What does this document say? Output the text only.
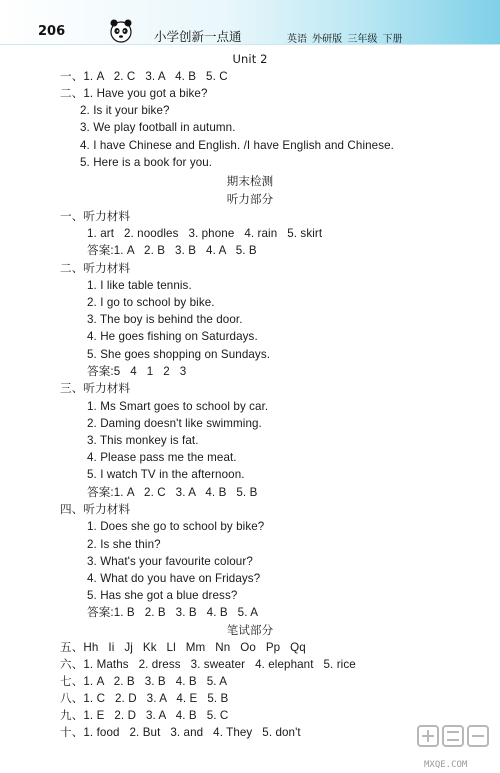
206	小学创新一点通	英语 外研版 三年级 下册
Unit 2
一、1. A   2. C   3. A   4. B   5. C
二、1. Have you got a bike?
2. Is it your bike?
3. We play football in autumn.
4. I have Chinese and English. /I have English and Chinese.
5. Here is a book for you.
期末检测
听力部分
一、听力材料
1. art   2. noodles   3. phone   4. rain   5. skirt
答案:1. A   2. B   3. B   4. A   5. B
二、听力材料
1. I like table tennis.
2. I go to school by bike.
3. The boy is behind the door.
4. He goes fishing on Saturdays.
5. She goes shopping on Sundays.
答案:5   4   1   2   3
三、听力材料
1. Ms Smart goes to school by car.
2. Daming doesn't like swimming.
3. This monkey is fat.
4. Please pass me the meat.
5. I watch TV in the afternoon.
答案:1. A   2. C   3. A   4. B   5. B
四、听力材料
1. Does she go to school by bike?
2. Is she thin?
3. What's your favourite colour?
4. What do you have on Fridays?
5. Has she got a blue dress?
答案:1. B   2. B   3. B   4. B   5. A
笔试部分
五、Hh   Ii   Jj   Kk   Ll   Mm   Nn   Oo   Pp   Qq
六、1. Maths   2. dress   3. sweater   4. elephant   5. rice
七、1. A   2. B   3. B   4. B   5. A
八、1. C   2. D   3. A   4. E   5. B
九、1. E   2. D   3. A   4. B   5. C
十、1. food   2. But   3. and   4. They   5. don't
MXQE.COM
